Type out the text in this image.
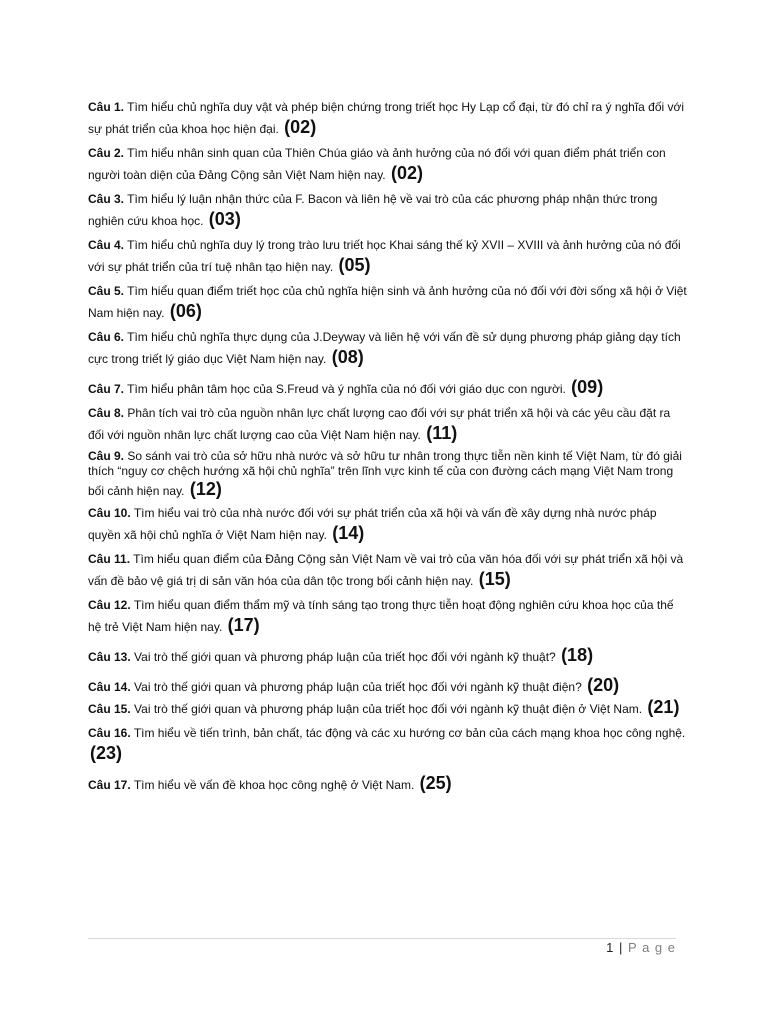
Câu 1. Tìm hiểu chủ nghĩa duy vật và phép biện chứng trong triết học Hy Lạp cổ đại, từ đó chỉ ra ý nghĩa đối với sự phát triển của khoa học hiện đại. (02)

Câu 2. Tìm hiểu nhân sinh quan của Thiên Chúa giáo và ảnh hưởng của nó đối với quan điểm phát triển con người toàn diện của Đảng Cộng sản Việt Nam hiện nay. (02)

Câu 3. Tìm hiểu lý luận nhận thức của F. Bacon và liên hệ về vai trò của các phương pháp nhận thức trong nghiên cứu khoa học. (03)

Câu 4. Tìm hiểu chủ nghĩa duy lý trong trào lưu triết học Khai sáng thế kỷ XVII – XVIII và ảnh hưởng của nó đối với sự phát triển của trí tuệ nhân tạo hiện nay. (05)

Câu 5. Tìm hiểu quan điểm triết học của chủ nghĩa hiện sinh và ảnh hưởng của nó đối với đời sống xã hội ở Việt Nam hiện nay. (06)

Câu 6. Tìm hiểu chủ nghĩa thực dụng của J.Deyway và liên hệ với vấn đề sử dụng phương pháp giảng dạy tích cực trong triết lý giáo dục Việt Nam hiện nay. (08)

Câu 7. Tìm hiểu phân tâm học của S.Freud và ý nghĩa của nó đối với giáo dục con người. (09)

Câu 8. Phân tích vai trò của nguồn nhân lực chất lượng cao đối với sự phát triển xã hội và các yêu cầu đặt ra đối với nguồn nhân lực chất lượng cao của Việt Nam hiện nay. (11)

Câu 9. So sánh vai trò của sở hữu nhà nước và sở hữu tư nhân trong thực tiễn nền kinh tế Việt Nam, từ đó giải thích “nguy cơ chệch hướng xã hội chủ nghĩa” trên lĩnh vực kinh tế của con đường cách mạng Việt Nam trong bối cảnh hiện nay. (12)

Câu 10. Tìm hiểu vai trò của nhà nước đối với sự phát triển của xã hội và vấn đề xây dựng nhà nước pháp quyền xã hội chủ nghĩa ở Việt Nam hiện nay. (14)

Câu 11. Tìm hiểu quan điểm của Đảng Cộng sản Việt Nam về vai trò của văn hóa đối với sự phát triển xã hội và vấn đề bảo vệ giá trị di sản văn hóa của dân tộc trong bối cảnh hiện nay. (15)

Câu 12. Tìm hiểu quan điểm thẩm mỹ và tính sáng tạo trong thực tiễn hoạt động nghiên cứu khoa học của thế hệ trẻ Việt Nam hiện nay. (17)

Câu 13. Vai trò thế giới quan và phương pháp luận của triết học đối với ngành kỹ thuật? (18)

Câu 14. Vai trò thế giới quan và phương pháp luận của triết học đối với ngành kỹ thuật điện? (20)

Câu 15. Vai trò thế giới quan và phương pháp luận của triết học đối với ngành kỹ thuật điện ở Việt Nam. (21)

Câu 16. Tìm hiểu về tiến trình, bản chất, tác động và các xu hướng cơ bản của cách mạng khoa học công nghệ. (23)

Câu 17. Tìm hiểu về vấn đề khoa học công nghệ ở Việt Nam. (25)

1 | P a g e
